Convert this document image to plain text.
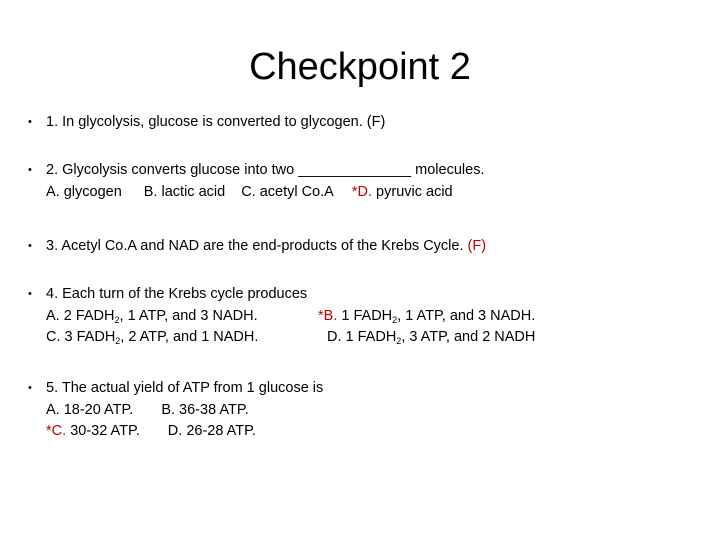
Checkpoint 2
• 1. In glycolysis, glucose is converted to glycogen. (F)
• 2. Glycolysis converts glucose into two ______________ molecules.
A. glycogen B. lactic acid C. acetyl Co.A *D. pyruvic acid
• 3. Acetyl Co.A and NAD are the end-products of the Krebs Cycle. (F)
• 4. Each turn of the Krebs cycle produces
A. 2 $FADH_2$, 1 ATP, and 3 NADH.	*B. 1 $FADH_2$, 1 ATP, and 3 NADH.
C. 3 $FADH_2$, 2 ATP, and 1 NADH.	D. 1 $FADH_2$, 3 ATP, and 2 NADH
• 5. The actual yield of ATP from 1 glucose is
A. 18-20 ATP. B. 36-38 ATP.
*C. 30-32 ATP. D. 26-28 ATP.
